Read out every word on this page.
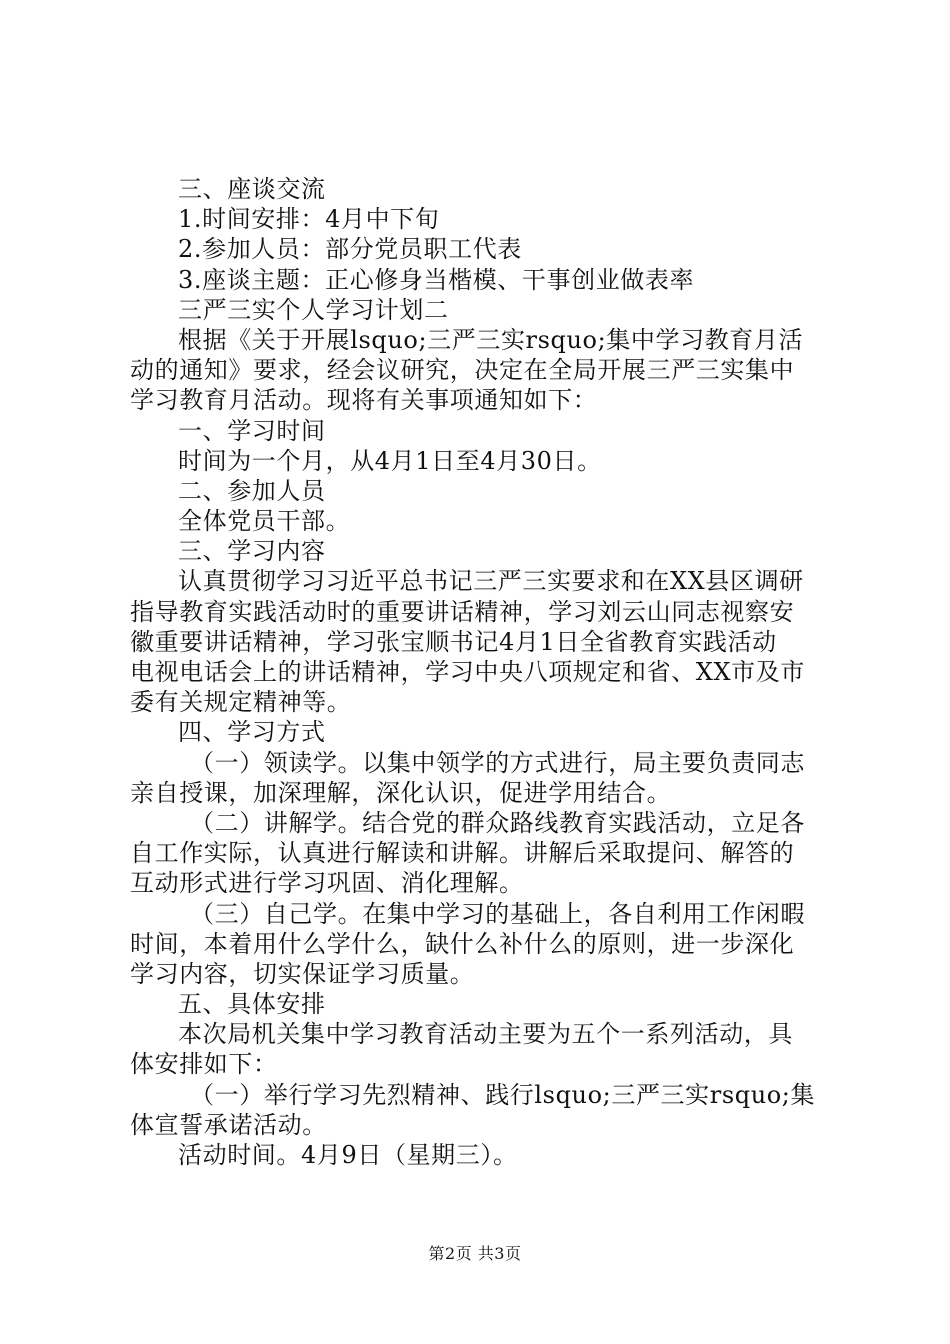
三、座谈交流
1.时间安排：4月中下旬
2.参加人员：部分党员职工代表
3.座谈主题：正心修身当楷模、干事创业做表率
三严三实个人学习计划二
根据《关于开展lsquo;三严三实rsquo;集中学习教育月活
动的通知》要求，经会议研究，决定在全局开展三严三实集中
学习教育月活动。现将有关事项通知如下：
一、学习时间
时间为一个月，从4月1日至4月30日。
二、参加人员
全体党员干部。
三、学习内容
认真贯彻学习习近平总书记三严三实要求和在XX县区调研
指导教育实践活动时的重要讲话精神，学习刘云山同志视察安
徽重要讲话精神，学习张宝顺书记4月1日全省教育实践活动
电视电话会上的讲话精神，学习中央八项规定和省、XX市及市
委有关规定精神等。
四、学习方式
（一）领读学。以集中领学的方式进行，局主要负责同志
亲自授课，加深理解，深化认识，促进学用结合。
（二）讲解学。结合党的群众路线教育实践活动，立足各
自工作实际，认真进行解读和讲解。讲解后采取提问、解答的
互动形式进行学习巩固、消化理解。
（三）自己学。在集中学习的基础上，各自利用工作闲暇
时间，本着用什么学什么，缺什么补什么的原则，进一步深化
学习内容，切实保证学习质量。
五、具体安排
本次局机关集中学习教育活动主要为五个一系列活动，具
体安排如下：
（一）举行学习先烈精神、践行lsquo;三严三实rsquo;集
体宣誓承诺活动。
活动时间。4月9日（星期三）。
第2页 共3页
